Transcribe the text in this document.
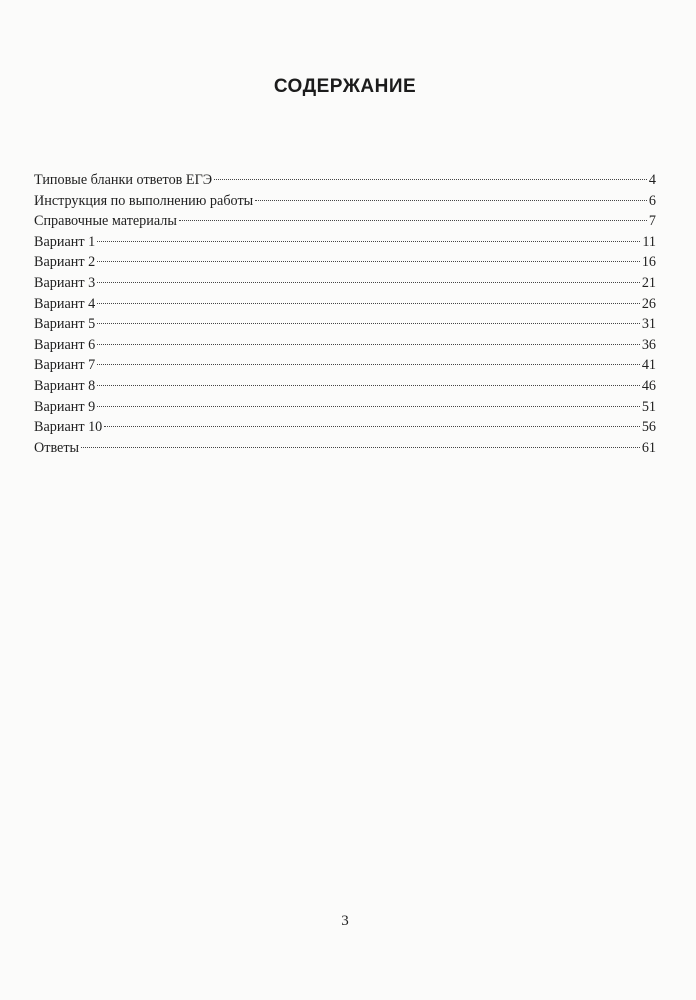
СОДЕРЖАНИЕ
Типовые бланки ответов ЕГЭ	4
Инструкция по выполнению работы	6
Справочные материалы	7
Вариант 1	11
Вариант 2	16
Вариант 3	21
Вариант 4	26
Вариант 5	31
Вариант 6	36
Вариант 7	41
Вариант 8	46
Вариант 9	51
Вариант 10	56
Ответы	61
3
